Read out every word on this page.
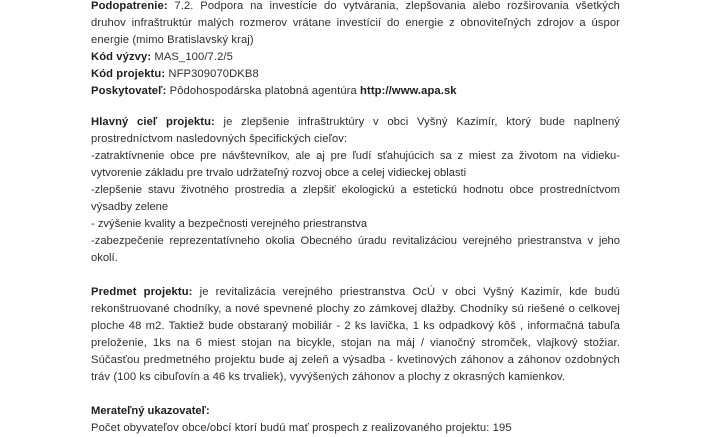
Podopatrenie: 7.2. Podpora na investície do vytvárania, zlepšovania alebo rozširovania všetkých druhov infraštruktúr malých rozmerov vrátane investícií do energie z obnoviteľných zdrojov a úspor energie (mimo Bratislavský kraj)

Kód výzvy: MAS_100/7.2/5

Kód projektu: NFP309070DKB8

Poskytovateľ: Pôdohospodárska platobná agentúra http://www.apa.sk

Hlavný cieľ projektu: je zlepšenie infraštruktúry v obci Vyšný Kazimír, ktorý bude naplnený prostredníctvom nasledovných špecifických cieľov:

-zatraktívnenie obce pre návštevníkov, ale aj pre ľudí sťahujúcich sa z miest za životom na vidieku-vytvorenie základu pre trvalo udržateľný rozvoj obce a celej vidieckej oblasti

-zlepšenie stavu životného prostredia a zlepšiť ekologickú a estetickú hodnotu obce prostredníctvom výsadby zelene

- zvýšenie kvality a bezpečnosti verejného priestranstva

-zabezpečenie reprezentatívneho okolia Obecného úradu revitalizáciou verejného priestranstva v jeho okolí.

Predmet projektu: je revitalizácia verejného priestranstva OcÚ v obci Vyšný Kazimír, kde budú rekonštruované chodníky, a nové spevnené plochy zo zámkovej dlažby. Chodníky sú riešené o celkovej ploche 48 m2. Taktiež bude obstaraný mobiliár - 2 ks lavička, 1 ks odpadkový kôš , informačná tabuľa preloženie, 1ks na 6 miest stojan na bicykle, stojan na máj / vianočný stromček, vlajkový stožiar. Súčasťou predmetného projektu bude aj zeleň a výsadba - kvetinových záhonov a záhonov ozdobných tráv (100 ks cibuľovín a 46 ks trvaliek), vyvýšených záhonov a plochy z okrasných kamienkov.

Merateľný ukazovateľ:

Počet obyvateľov obce/obcí ktorí budú mať prospech z realizovaného projektu: 195
